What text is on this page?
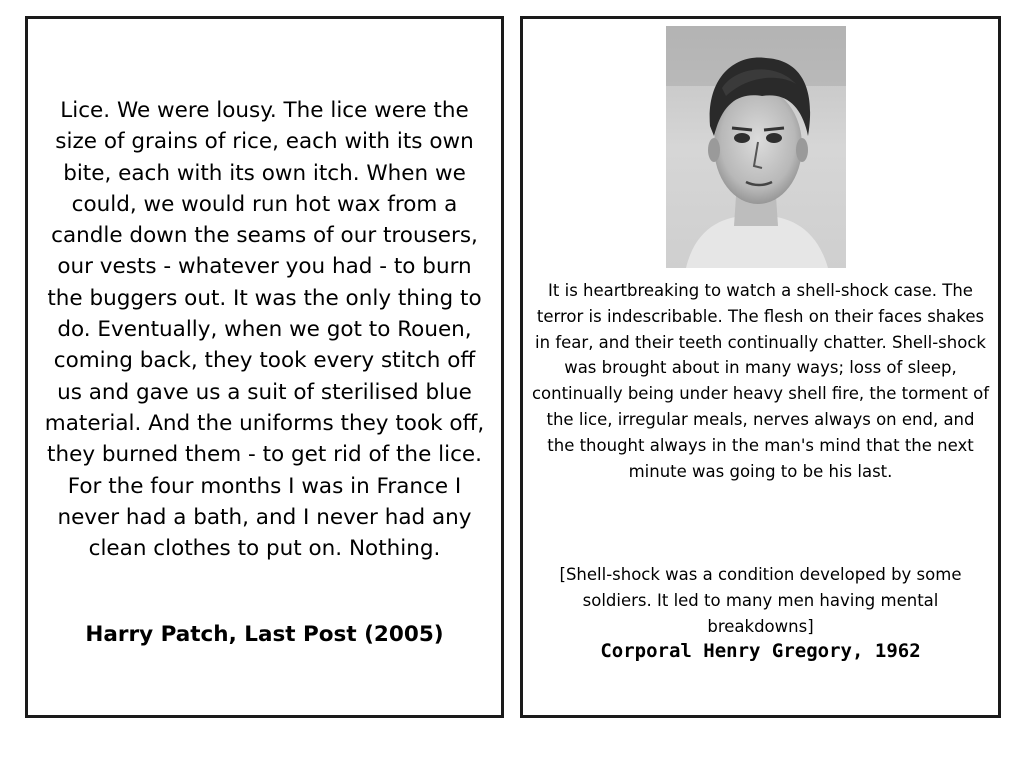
Lice. We were lousy. The lice were the size of grains of rice, each with its own bite, each with its own itch. When we could, we would run hot wax from a candle down the seams of our trousers, our vests - whatever you had - to burn the buggers out. It was the only thing to do. Eventually, when we got to Rouen, coming back, they took every stitch off us and gave us a suit of sterilised blue material. And the uniforms they took off, they burned them - to get rid of the lice. For the four months I was in France I never had a bath, and I never had any clean clothes to put on. Nothing.
Harry Patch, Last Post (2005)
It is heartbreaking to watch a shell-shock case. The terror is indescribable. The flesh on their faces shakes in fear, and their teeth continually chatter. Shell-shock was brought about in many ways; loss of sleep, continually being under heavy shell fire, the torment of the lice, irregular meals, nerves always on end, and the thought always in the man's mind that the next minute was going to be his last.
[Shell-shock was a condition developed by some soldiers. It led to many men having mental breakdowns]
Corporal Henry Gregory, 1962
